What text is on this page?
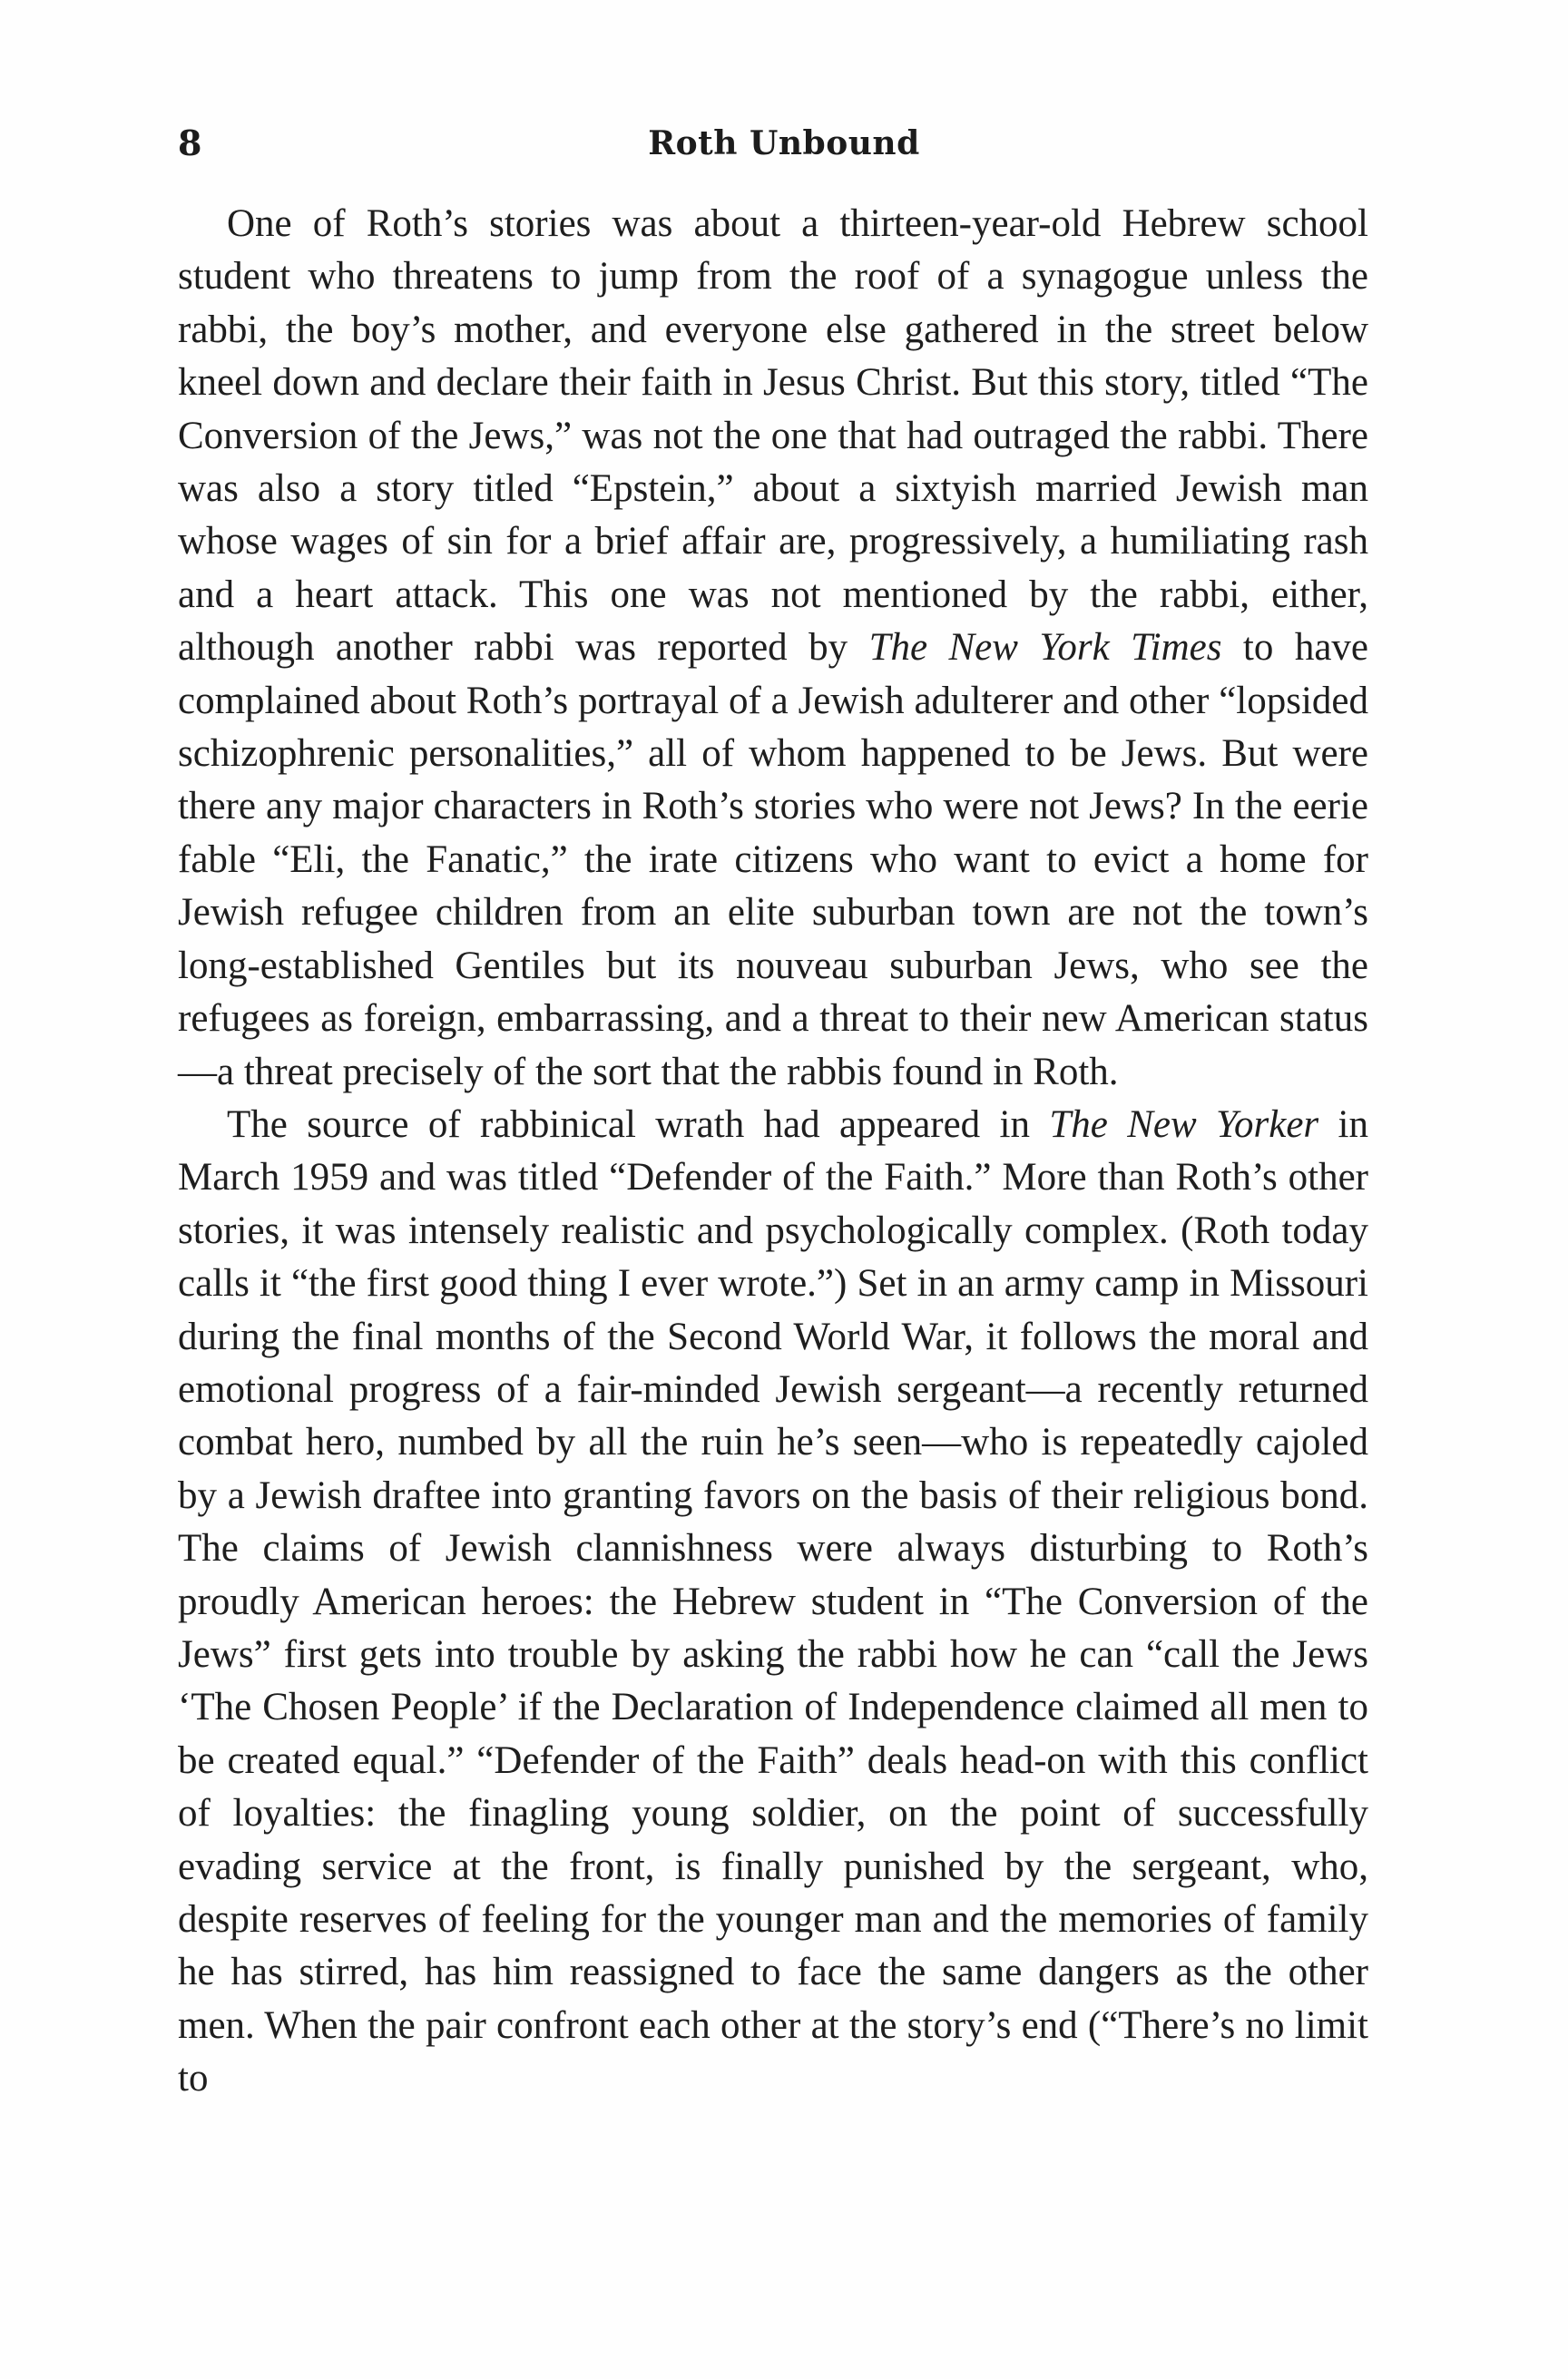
8	Roth Unbound

One of Roth’s stories was about a thirteen-year-old Hebrew school student who threatens to jump from the roof of a synagogue unless the rabbi, the boy’s mother, and everyone else gathered in the street below kneel down and declare their faith in Jesus Christ. But this story, titled “The Conversion of the Jews,” was not the one that had outraged the rabbi. There was also a story titled “Epstein,” about a sixtyish married Jewish man whose wages of sin for a brief affair are, progressively, a humiliating rash and a heart attack. This one was not mentioned by the rabbi, either, although another rabbi was reported by The New York Times to have complained about Roth’s portrayal of a Jewish adulterer and other “lopsided schizophrenic personalities,” all of whom happened to be Jews. But were there any major characters in Roth’s stories who were not Jews? In the eerie fable “Eli, the Fanatic,” the irate citizens who want to evict a home for Jewish refugee children from an elite suburban town are not the town’s long-established Gentiles but its nouveau suburban Jews, who see the refugees as foreign, embarrassing, and a threat to their new American status—a threat precisely of the sort that the rabbis found in Roth.

The source of rabbinical wrath had appeared in The New Yorker in March 1959 and was titled “Defender of the Faith.” More than Roth’s other stories, it was intensely realistic and psychologically complex. (Roth today calls it “the first good thing I ever wrote.”) Set in an army camp in Missouri during the final months of the Second World War, it follows the moral and emotional progress of a fair-minded Jewish sergeant—a recently returned combat hero, numbed by all the ruin he’s seen—who is repeatedly cajoled by a Jewish draftee into granting favors on the basis of their religious bond. The claims of Jewish clannishness were always disturbing to Roth’s proudly American heroes: the Hebrew student in “The Conversion of the Jews” first gets into trouble by asking the rabbi how he can “call the Jews ‘The Chosen People’ if the Declaration of Independence claimed all men to be created equal.” “Defender of the Faith” deals head-on with this conflict of loyalties: the finagling young soldier, on the point of successfully evading service at the front, is finally punished by the sergeant, who, despite reserves of feeling for the younger man and the memories of family he has stirred, has him reassigned to face the same dangers as the other men. When the pair confront each other at the story’s end (“There’s no limit to
